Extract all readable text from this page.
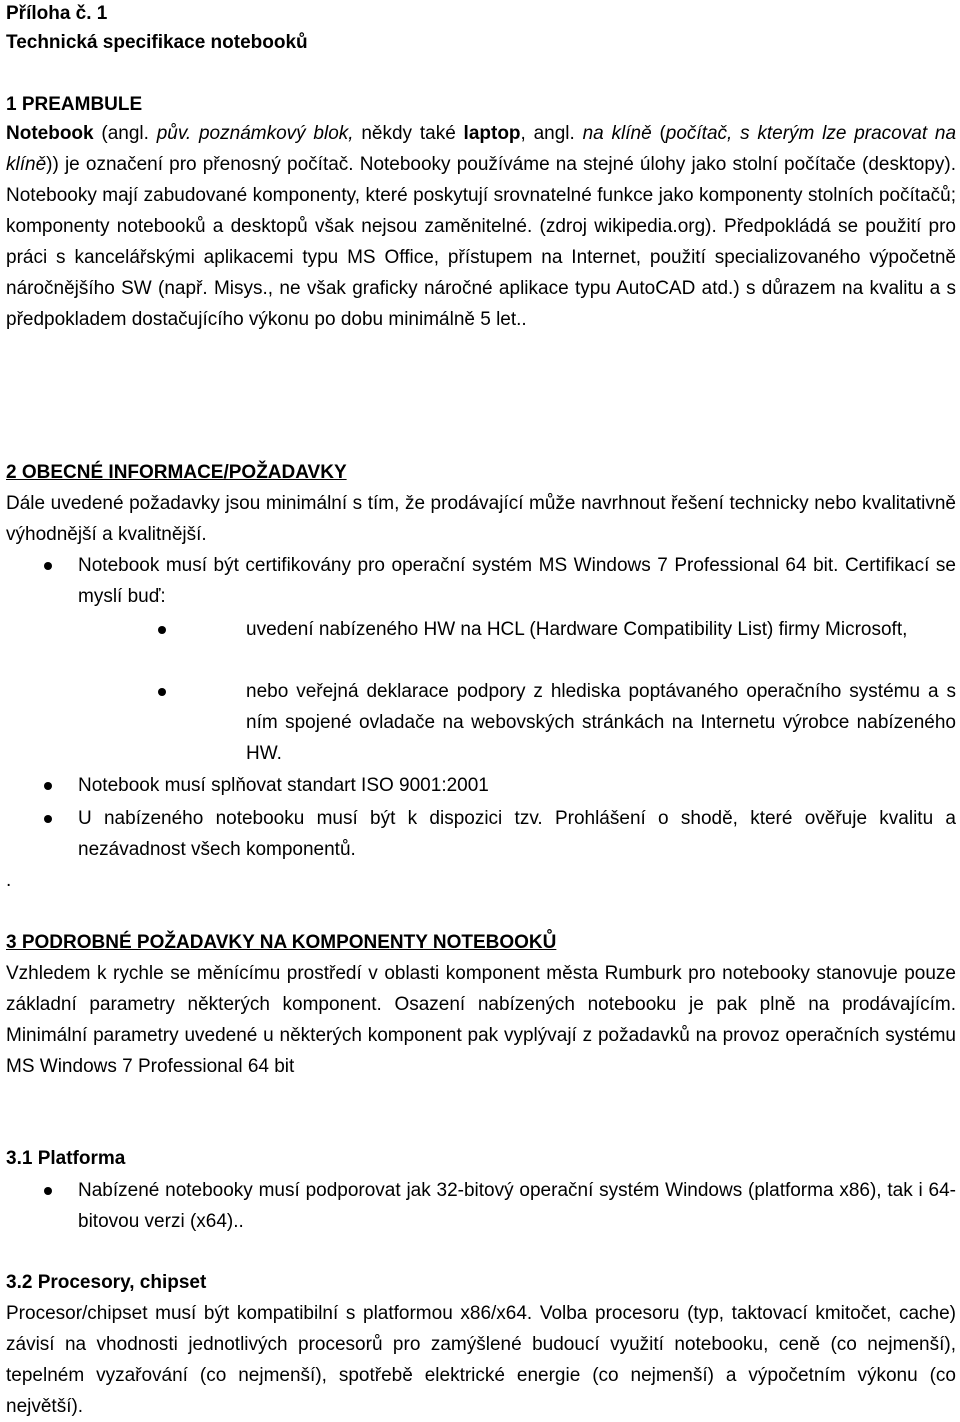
Příloha č. 1
Technická specifikace notebooků
1 PREAMBULE
Notebook (angl. pův. poznámkový blok, někdy také laptop, angl. na klíně (počítač, s kterým lze pracovat na klíně)) je označení pro přenosný počítač. Notebooky používáme na stejné úlohy jako stolní počítače (desktopy). Notebooky mají zabudované komponenty, které poskytují srovnatelné funkce jako komponenty stolních počítačů; komponenty notebooků a desktopů však nejsou zaměnitelné. (zdroj wikipedia.org). Předpokládá se použití pro práci s kancelářskými aplikacemi typu MS Office, přístupem na Internet, použití specializovaného výpočetně náročnějšího SW (např. Misys., ne však graficky náročné aplikace typu AutoCAD atd.) s důrazem na kvalitu a s předpokladem dostačujícího výkonu po dobu minimálně 5 let..
2 OBECNÉ INFORMACE/POŽADAVKY
Dále uvedené požadavky jsou minimální s tím, že prodávající může navrhnout řešení technicky nebo kvalitativně výhodnější a kvalitnější.
Notebook musí být certifikovány pro operační systém MS Windows 7 Professional 64 bit. Certifikací se myslí buď:
uvedení nabízeného HW na HCL (Hardware Compatibility List) firmy Microsoft,
nebo veřejná deklarace podpory z hlediska poptávaného operačního systému a s ním spojené ovladače na webovských stránkách na Internetu výrobce nabízeného HW.
Notebook musí splňovat standart ISO 9001:2001
U nabízeného notebooku musí být k dispozici tzv. Prohlášení o shodě, které ověřuje kvalitu a nezávadnost všech komponentů.
.
3 PODROBNÉ POŽADAVKY NA KOMPONENTY NOTEBOOKŮ
Vzhledem k rychle se měnícímu prostředí v oblasti komponent města Rumburk pro notebooky stanovuje pouze základní parametry některých komponent. Osazení nabízených notebooku je pak plně na prodávajícím. Minimální parametry uvedené u některých komponent pak vyplývají z požadavků na provoz operačních systému MS Windows 7 Professional 64 bit
3.1 Platforma
Nabízené notebooky musí podporovat jak 32-bitový operační systém Windows (platforma x86), tak i 64-bitovou verzi (x64)..
3.2 Procesory, chipset
Procesor/chipset musí být kompatibilní s platformou x86/x64. Volba procesoru (typ, taktovací kmitočet, cache) závisí na vhodnosti jednotlivých procesorů pro zamýšlené budoucí využití notebooku, ceně (co nejmenší), tepelném vyzařování (co nejmenší), spotřebě elektrické energie (co nejmenší) a výpočetním výkonu (co největší).
